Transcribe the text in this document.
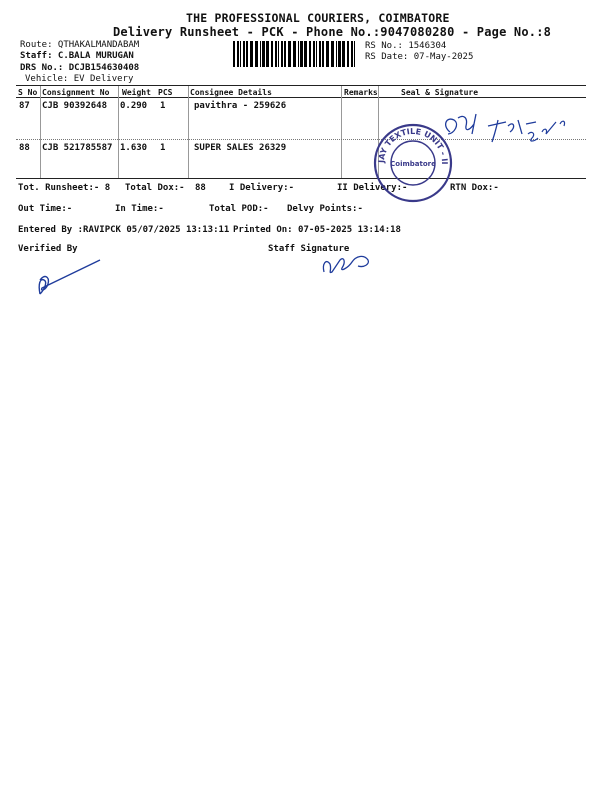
THE PROFESSIONAL COURIERS, COIMBATORE
Delivery Runsheet - PCK - Phone No.:9047080280 - Page No.:8
Route: QTHAKALMANDABAM
Staff: C.BALA MURUGAN
DRS No.: DCJB154630408
Vehicle: EV Delivery
RS No.: 1546304
RS Date: 07-May-2025
S No Consignment No Weight PCS Consignee Details	Remarks	Seal & Signature
87 CJB 90392648 0.290 1	pavithra - 259626
88 CJB 521785587 1.630 1	SUPER SALES 26329
Tot. Runsheet:- 8 Total Dox:- 88	I Delivery:-	II Delivery:-	RTN Dox:-
Out Time:-	In Time:-	Total POD:- Delvy Points:-
Entered By :RAVIPCK 05/07/2025 13:13:11 Printed On: 07-05-2025 13:14:18
Verified By	Staff Signature
JAY TEXTILE UNIT - II
Coimbatore
